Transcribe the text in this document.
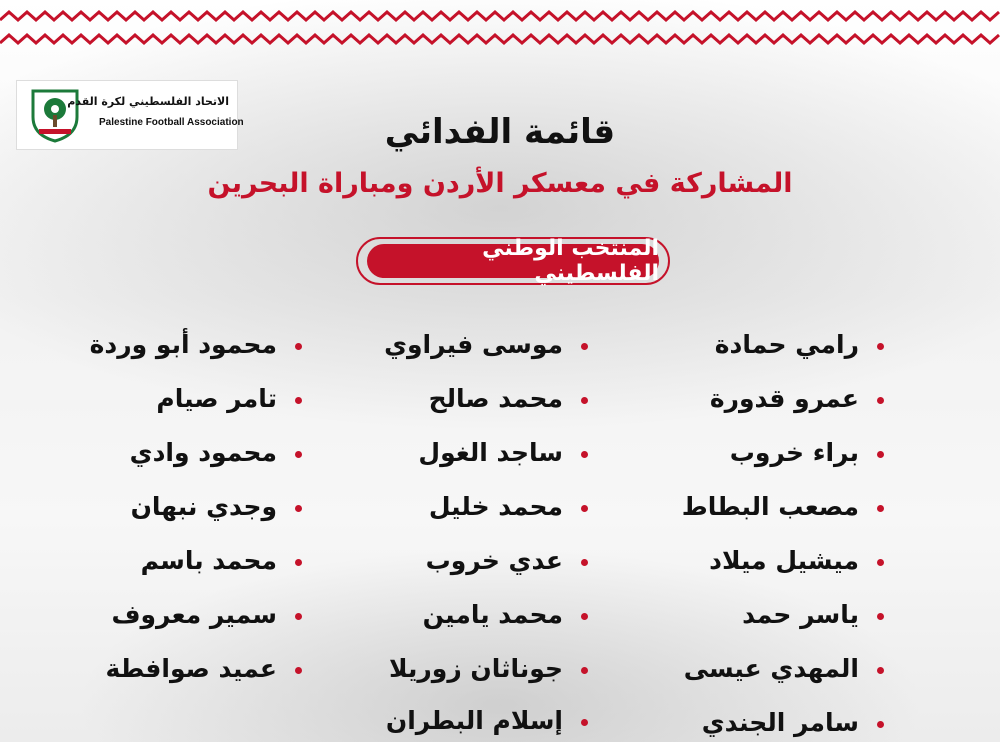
الاتحاد الفلسطيني لكرة القدم
Palestine Football Association	قائمة الفدائي
المشاركة في معسكر الأردن ومباراة البحرين
المنتخب الوطني الفلسطيني
رامي حمادة
عمرو قدورة
براء خروب
مصعب البطاط
ميشيل ميلاد
ياسر حمد
المهدي عيسى
سامر الجندي
موسى فيراوي
محمد صالح
ساجد الغول
محمد خليل
عدي خروب
محمد يامين
جوناثان زوريلا
إسلام البطران
محمود أبو وردة
تامر صيام
محمود وادي
وجدي نبهان
محمد باسم
سمير معروف
عميد صوافطة
